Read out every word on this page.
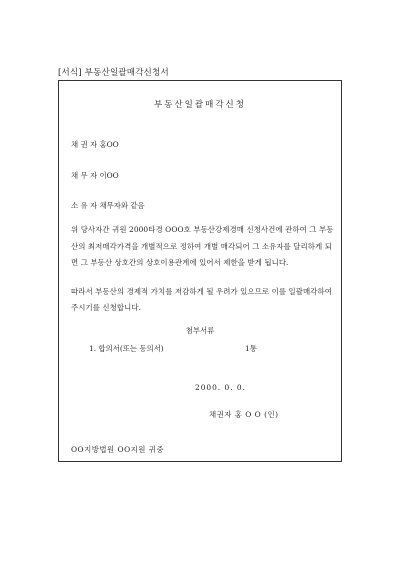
[서식] 부동산일괄매각신청서
부동산일괄매각신청
채 권 자 홍OO
채 무 자 이OO
소 유 자 채무자와 같음
위 당사자간 귀원 2000타경 OOO호 부동산강제경매 신청사건에 관하여 그 부동
산의 최저매각가격을 개별적으로 정하여 개별 매각되어 그 소유자를 달리하게 되
면 그 부동산 상호간의 상호이용관계에 있어서 제한을 받게 됩니다.
따라서 부동산의 경제적 가치를 저감하게 될 우려가 있으므로 이를 일괄매각하여
주시기를 신청합니다.
첨부서류
1. 합의서(또는 동의서)	1통
2000. 0. 0.
채권자 홍 O O (인)
OO지방법원 OO지원 귀중
